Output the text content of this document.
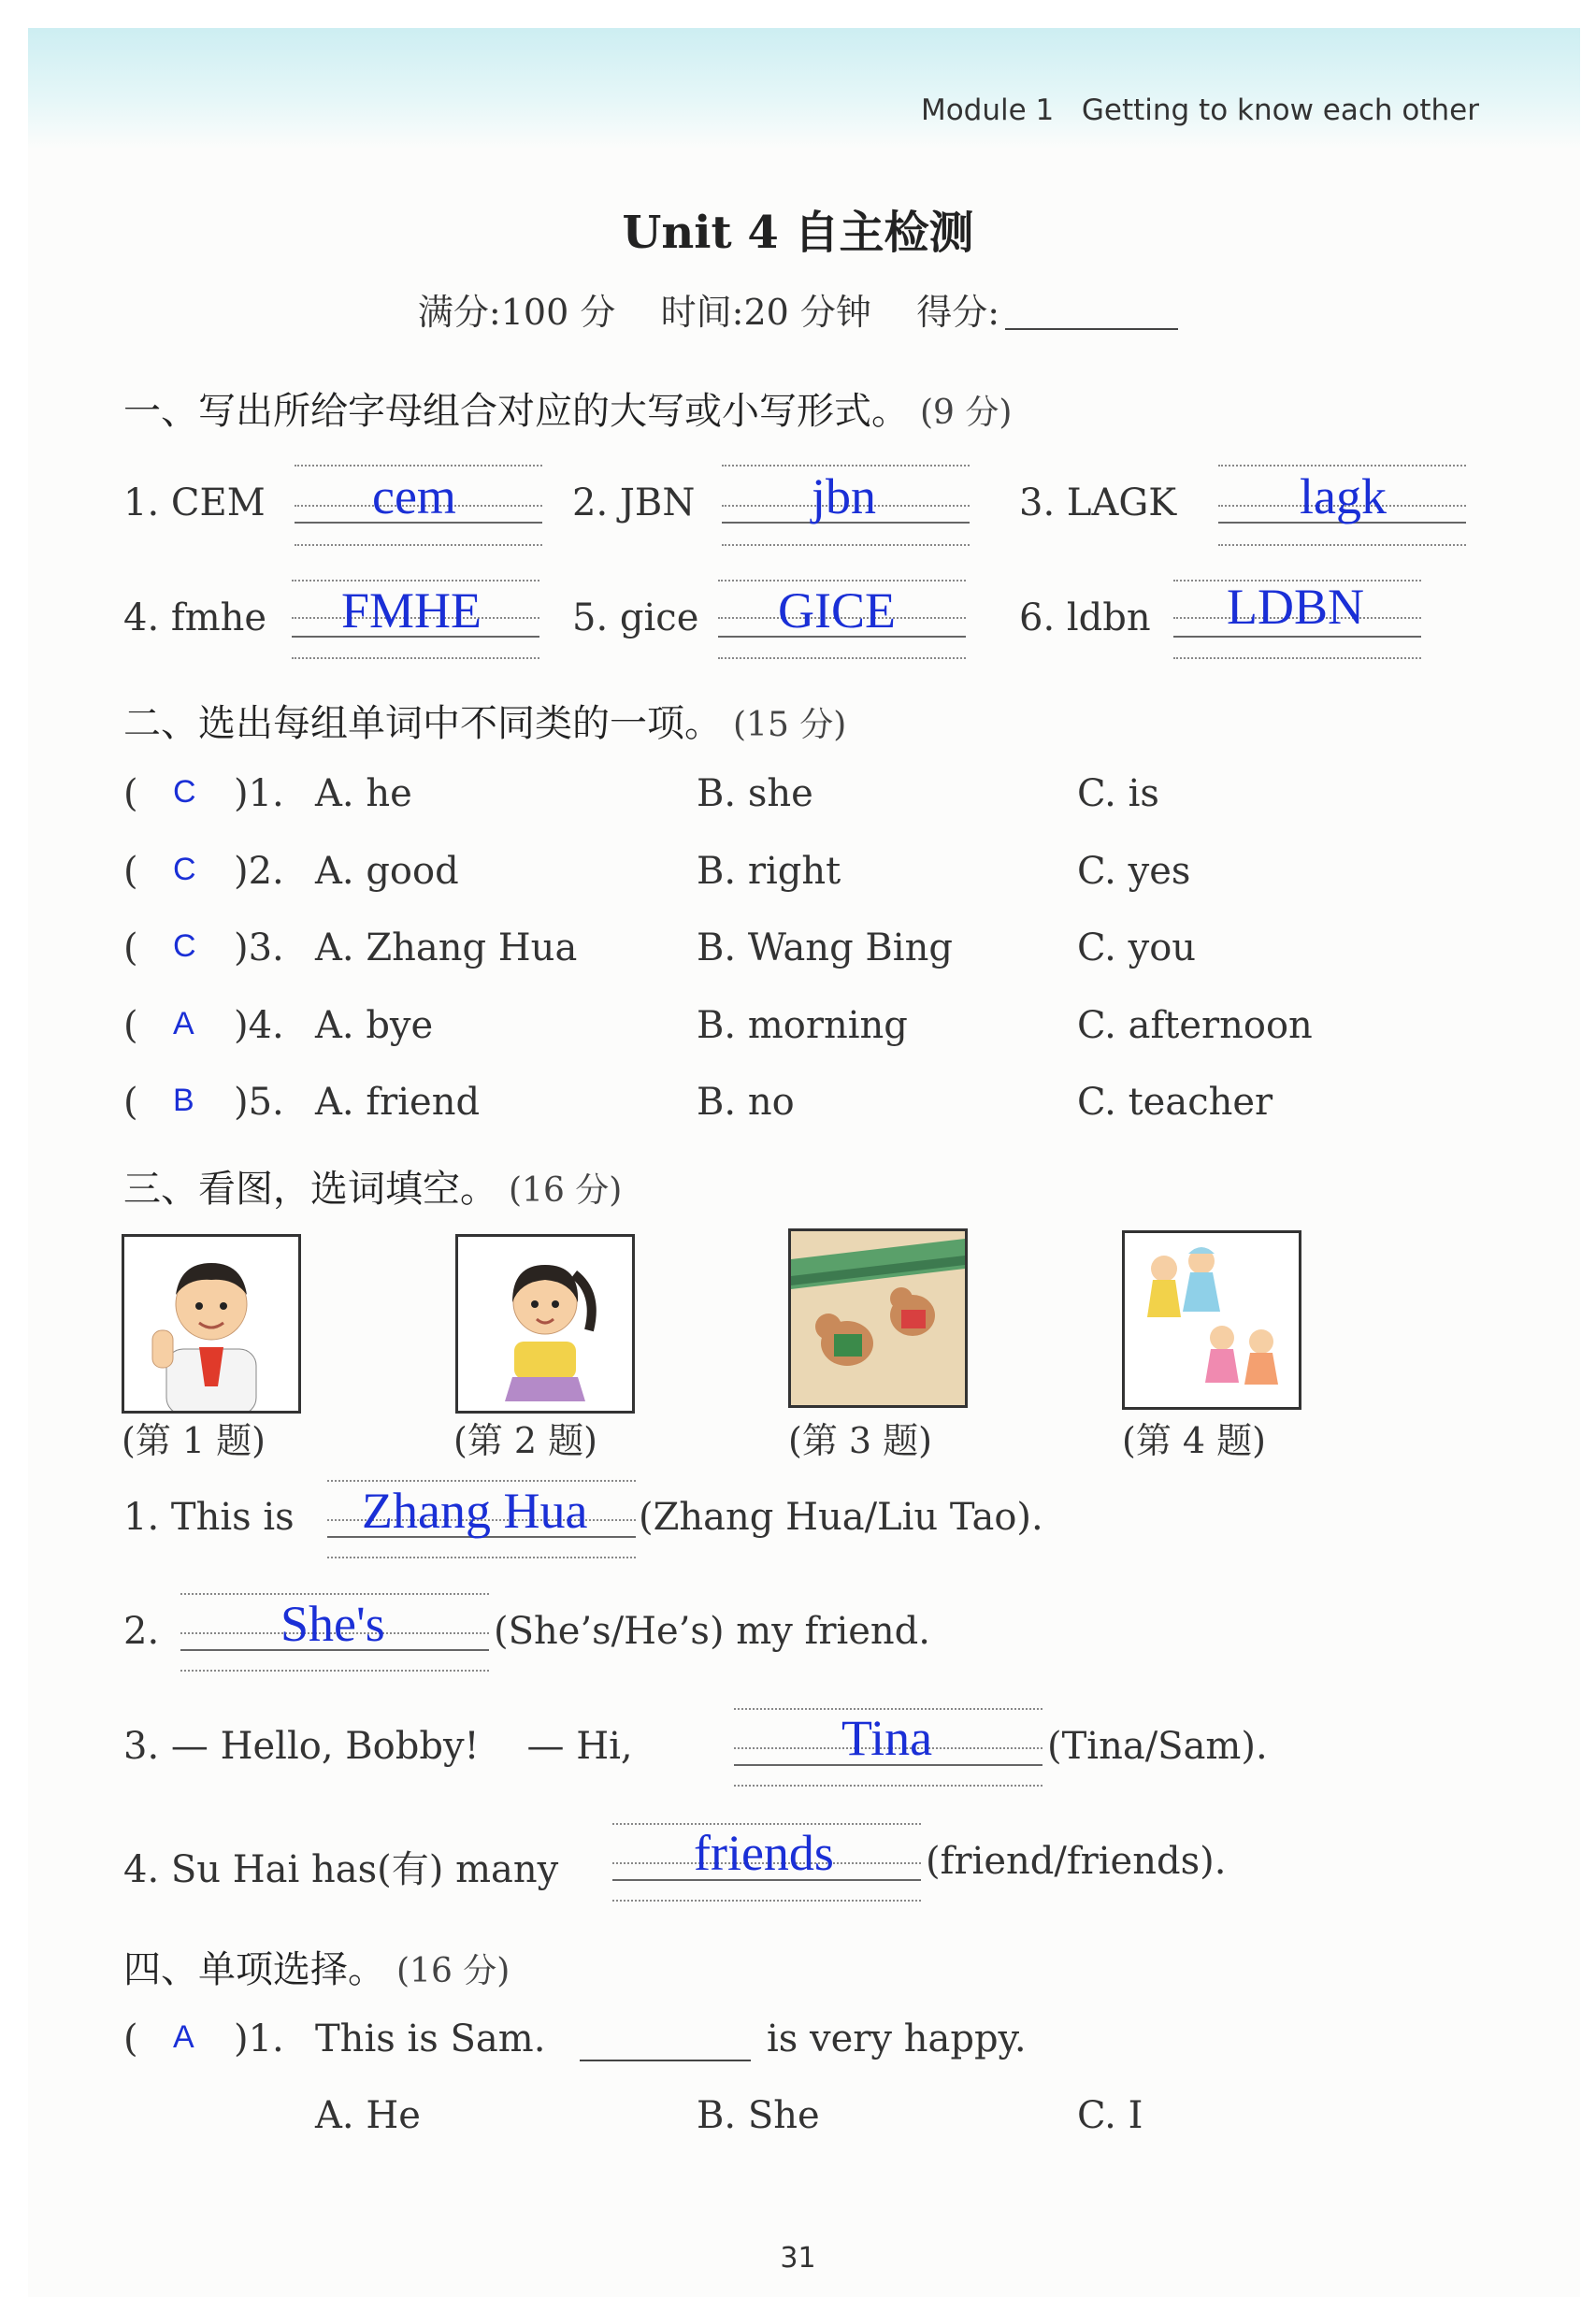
Module 1 Getting to know each other
Unit 4 自主检测
满分:100 分 时间:20 分钟 得分:
一、写出所给字母组合对应的大写或小写形式。 (9 分)
1. CEM cem	2. JBN jbn	3. LAGK lagk
4. fmhe FMHE 5. gice GICE	6. ldbn LDBN
二、选出每组单词中不同类的一项。 (15 分)
( C )1. A. he	B. she	C. is
( C )2. A. good	B. right	C. yes
( C )3. A. Zhang Hua	B. Wang Bing	C. you
( A )4. A. bye	B. morning	C. afternoon
( B )5. A. friend	B. no	C. teacher
三、看图，选词填空。 (16 分)
(第 1 题)	(第 2 题)	(第 3 题)	(第 4 题)
1. This is Zhang Hua (Zhang Hua/Liu Tao).
2. She's	(She’s/He’s) my friend.
3. — Hello, Bobby!    — Hi,	Tina	(Tina/Sam).
4. Su Hai has(有) many	friends (friend/friends).
四、单项选择。 (16 分)
( A )1. This is Sam.	is very happy.
A. He	B. She	C. I
31
